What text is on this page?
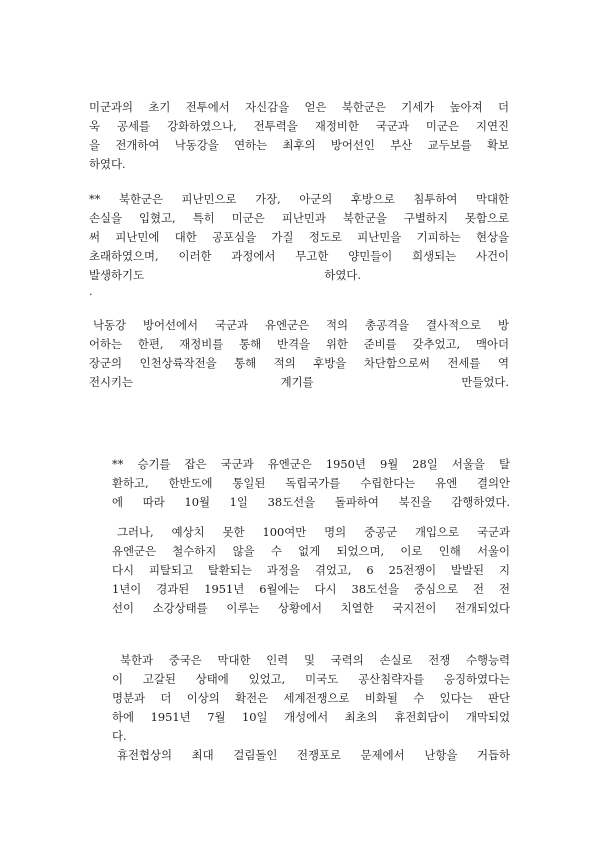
미군과의 초기 전투에서 자신감을 얻은 북한군은 기세가 높아져 더
욱 공세를 강화하였으나, 전투력을 재정비한 국군과 미군은 지연진
을 전개하여 낙동강을 연하는 최후의 방어선인 부산 교두보를 확보
하였다.
** 북한군은 피난민으로 가장, 아군의 후방으로 침투하여 막대한
손실을 입혔고, 특히 미군은 피난민과 북한군을 구별하지 못함으로
써 피난민에 대한 공포심을 가질 정도로 피난민을 기피하는 현상을
초래하였으며, 이러한 과정에서 무고한 양민들이 희생되는 사건이
발생하기도	하였다.
.
낙동강 방어선에서 국군과 유엔군은 적의 총공격을 결사적으로 방
어하는 한편, 재정비를 통해 반격을 위한 준비를 갖추었고, 맥아더
장군의 인천상륙작전을 통해 적의 후방을 차단함으로써 전세를 역
전시키는	계기를	만들었다.
** 승기를 잡은 국군과 유엔군은 1950년 9월 28일 서울을 탈
환하고, 한반도에 통일된 독립국가를 수립한다는 유엔 결의안
에 따라 10월 1일 38도선을 돌파하여 북진을 감행하였다.
그러나, 예상치 못한 100여만 명의 중공군 개입으로 국군과
유엔군은 철수하지 않을 수 없게 되었으며, 이로 인해 서울이
다시 피탈되고 탈환되는 과정을 겪었고, 6 25전쟁이 발발된 지
1년이 경과된 1951년 6월에는 다시 38도선을 중심으로 전 전
선이 소강상태를 이루는 상황에서 치열한 국지전이 전개되었다
북한과 중국은 막대한 인력 및 국력의 손실로 전쟁 수행능력
이 고갈된 상태에 있었고, 미국도 공산침략자를 응징하였다는
명분과 더 이상의 확전은 세계전쟁으로 비화될 수 있다는 판단
하에 1951년 7월 10일 개성에서 최초의 휴전회담이 개막되었
다.
휴전협상의 최대 걸림돌인 전쟁포로 문제에서 난항을 거듭하
